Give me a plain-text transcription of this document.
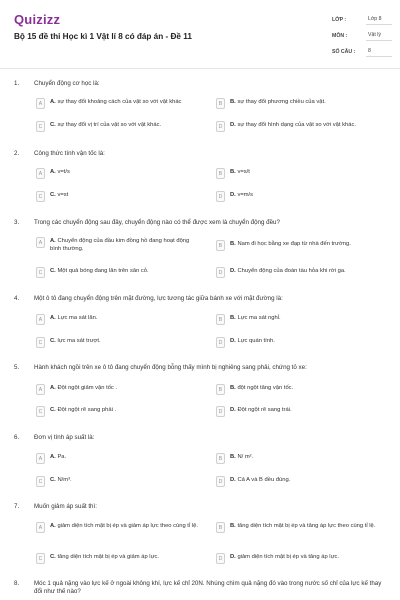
Quizizz
Bộ 15 đề thi Học kì 1 Vật lí 8 có đáp án - Đề 11
LỚP :	Lớp 8
MÔN :	Vật lý
SỐ CÂU :	8
1. Chuyển động cơ học là:
A	A. sự thay đổi khoảng cách của vật so với vật khác	B	B. sự thay đổi phương chiều của vật.
C	C. sự thay đổi vị trí của vật so với vật khác.	D	D. sự thay đổi hình dạng của vật so với vật khác.
2. Công thức tính vận tốc là:
A	A. v=t/s	B	B. v=s/t
C	C. v=st	D	D. v=m/s
3. Trong các chuyển động sau đây, chuyển động nào có thể được xem là chuyển động đều?
A	A. Chuyển động của đầu kim đồng hồ đang hoạt động bình thường.	B	B. Nam đi học bằng xe đạp từ nhà đến trường.
C	C. Một quả bóng đang lăn trên sân cỏ.	D	D. Chuyển động của đoàn tàu hỏa khi rời ga.
4. Một ô tô đang chuyển động trên mặt đường, lực tương tác giữa bánh xe với mặt đường là:
A	A. Lực ma sát lăn.	B	B. Lực ma sát nghỉ.
C	C. lực ma sát trượt.	D	D. Lực quán tính.
5. Hành khách ngồi trên xe ô tô đang chuyển động bỗng thấy mình bị nghiêng sang phải, chứng tỏ xe:
A	A. Đột ngột giảm vận tốc .	B	B. đột ngột tăng vận tốc.
C	C. Đột ngột rẽ sang phải .	D	D. Đột ngột rẽ sang trái.
6. Đơn vị tính áp suất là:
A	A. Pa.	B	B. N/ m².
C	C. N/m³.	D	D. Cả A và B đều đúng.
7. Muốn giảm áp suất thì:
A	A. giảm diện tích mặt bị ép và giảm áp lực theo cùng tỉ lệ.	B	B. tăng diện tích mặt bị ép và tăng áp lực theo cùng tỉ lệ.
C	C. tăng diện tích mặt bị ép và giảm áp lực.	D	D. giảm diện tích mặt bị ép và tăng áp lực.
8. Móc 1 quả nặng vào lực kế ở ngoài không khí, lực kế chỉ 20N. Nhúng chìm quả nặng đó vào trong nước số chỉ của lực kế thay đổi như thế nào?
